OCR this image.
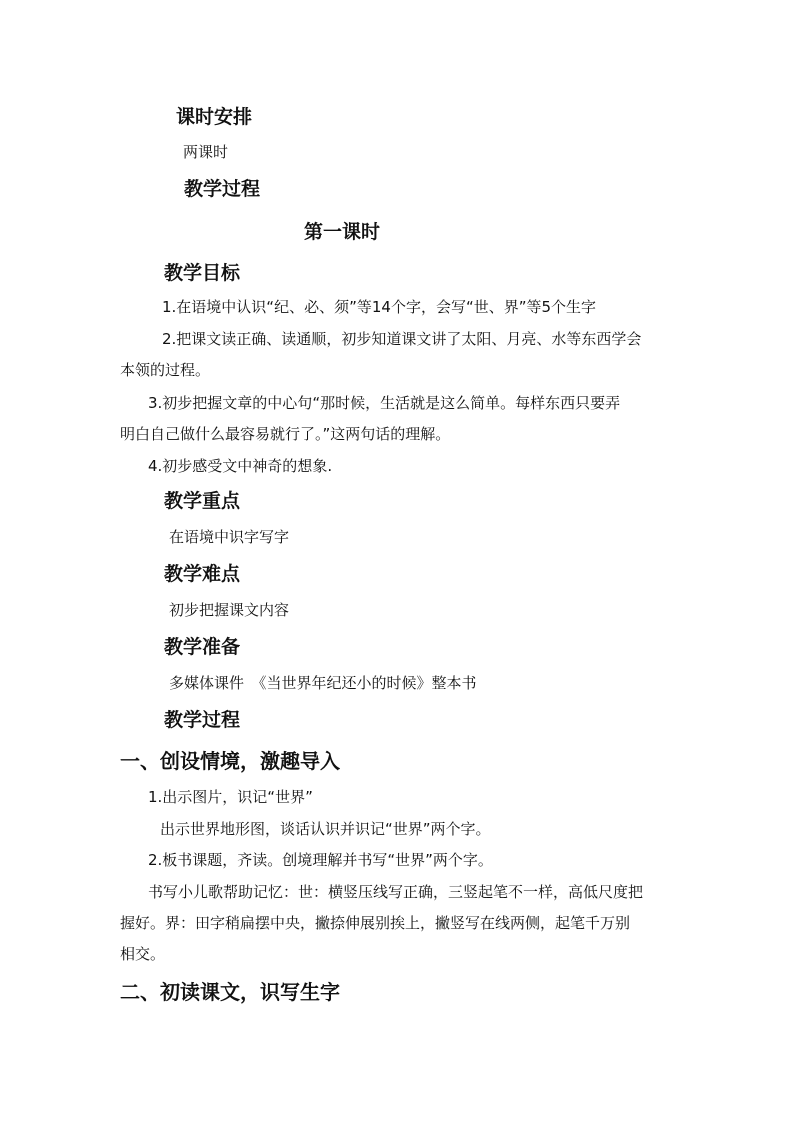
课时安排
两课时
教学过程
第一课时
教学目标
1.在语境中认识“纪、必、须”等14个字，会写“世、界”等5个生字
2.把课文读正确、读通顺，初步知道课文讲了太阳、月亮、水等东西学会
本领的过程。
3.初步把握文章的中心句“那时候，生活就是这么简单。每样东西只要弄
明白自己做什么最容易就行了。”这两句话的理解。
4.初步感受文中神奇的想象.
教学重点
在语境中识字写字
教学难点
初步把握课文内容
教学准备
多媒体课件　《当世界年纪还小的时候》整本书
教学过程
一、创设情境，激趣导入
1.出示图片，识记“世界”
出示世界地形图，谈话认识并识记“世界”两个字。
2.板书课题，齐读。创境理解并书写“世界”两个字。
书写小儿歌帮助记忆：世：横竖压线写正确，三竖起笔不一样，高低尺度把
握好。界：田字稍扁摆中央，撇捺伸展别挨上，撇竖写在线两侧，起笔千万别
相交。
二、初读课文，识写生字
